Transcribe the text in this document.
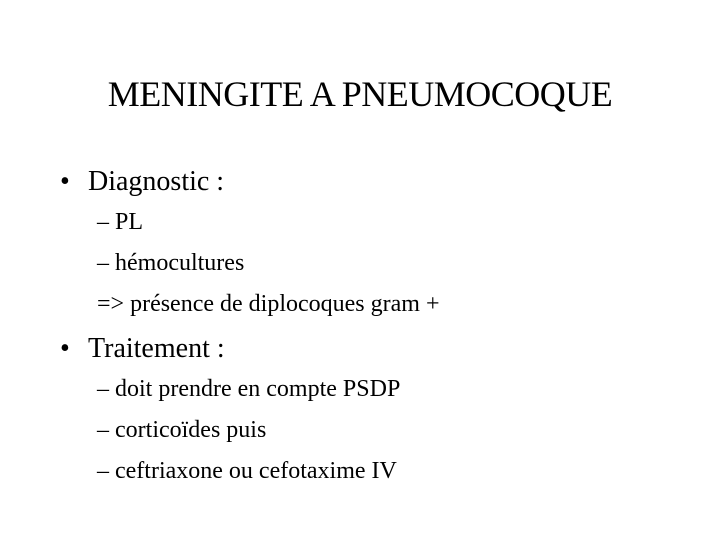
MENINGITE A PNEUMOCOQUE
• Diagnostic :
– PL
– hémocultures
=> présence de diplocoques gram +
• Traitement :
– doit prendre en compte PSDP
– corticoïdes puis
– ceftriaxone ou cefotaxime IV
